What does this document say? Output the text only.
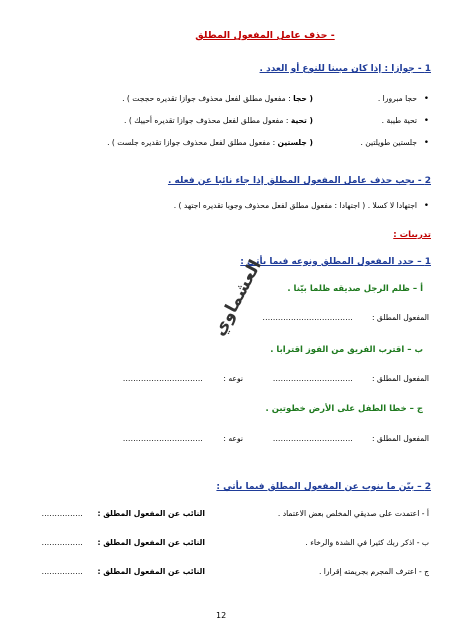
- حذف عامل المفعول المطلق
1 - جوازا : إذا كان مبينا للنوع أو العدد .
حجا مبرورا . •
( حجا : مفعول مطلق لفعل محذوف جوازا تقديره حججت ) .
تحية طيبة . •
( تحية : مفعول مطلق لفعل محذوف جوازا تقديره أحييك ) .
جلستين طويلتين . •
( جلستين : مفعول مطلق لفعل محذوف جوازا تقديره جلست ) .
2 - يجب حذف عامل المفعول المطلق إذا جاء نائبا عن فعله .
اجتهادا لا كسلا . ( اجتهادا : مفعول مطلق لفعل محذوف وجوبا تقديره اجتهد ) . •
تدريبات :
1 – حدد المفعول المطلق ونوعه فيما يأتي :
أ – ظلم الرجل صديقه ظلما بيّنا .
المفعول المطلق :
...................................
ب – اقترب الفريق من الفوز اقترابا .
المفعول المطلق :
...............................
نوعه :
...............................
ج – خطا الطفل على الأرض خطوتين .
المفعول المطلق :
...............................
نوعه :
...............................
2 – بيّن ما ينوب عن المفعول المطلق فيما يأتي :
أ - اعتمدت على صديقي المخلص بعض الاعتماد .
النائب عن المفعول المطلق :
................
ب - اذكر ربك كثيرا في الشدة والرخاء .
النائب عن المفعول المطلق :
................
ج - اعترف المجرم بجريمته إقرارا .
النائب عن المفعول المطلق :
................
العشماوي
12
